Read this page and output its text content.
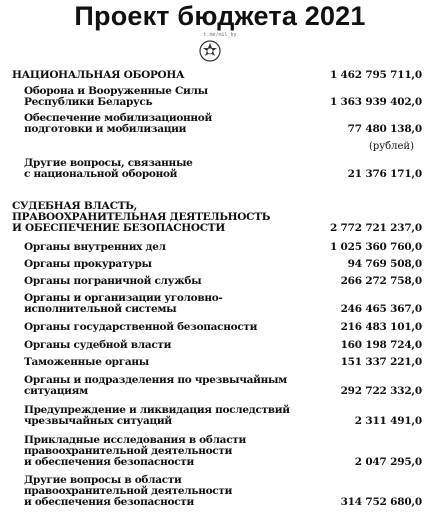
Проект бюджета 2021
t.me/mil_by
НАЦИОНАЛЬНАЯ ОБОРОНА	1 462 795 711,0
Оборона и Вооруженные Силы
Республики Беларусь	1 363 939 402,0
Обеспечение мобилизационной
подготовки и мобилизации	77 480 138,0
(рублей)
Другие вопросы, связанные
с национальной обороной	21 376 171,0
СУДЕБНАЯ ВЛАСТЬ,
ПРАВООХРАНИТЕЛЬНАЯ ДЕЯТЕЛЬНОСТЬ
И ОБЕСПЕЧЕНИЕ БЕЗОПАСНОСТИ	2 772 721 237,0
Органы внутренних дел	1 025 360 760,0
Органы прокуратуры	94 769 508,0
Органы пограничной службы	266 272 758,0
Органы и организации уголовно-
исполнительной системы	246 465 367,0
Органы государственной безопасности	216 483 101,0
Органы судебной власти	160 198 724,0
Таможенные органы	151 337 221,0
Органы и подразделения по чрезвычайным
ситуациям	292 722 332,0
Предупреждение и ликвидация последствий
чрезвычайных ситуаций	2 311 491,0
Прикладные исследования в области
правоохранительной деятельности
и обеспечения безопасности	2 047 295,0
Другие вопросы в области
правоохранительной деятельности
и обеспечения безопасности	314 752 680,0
